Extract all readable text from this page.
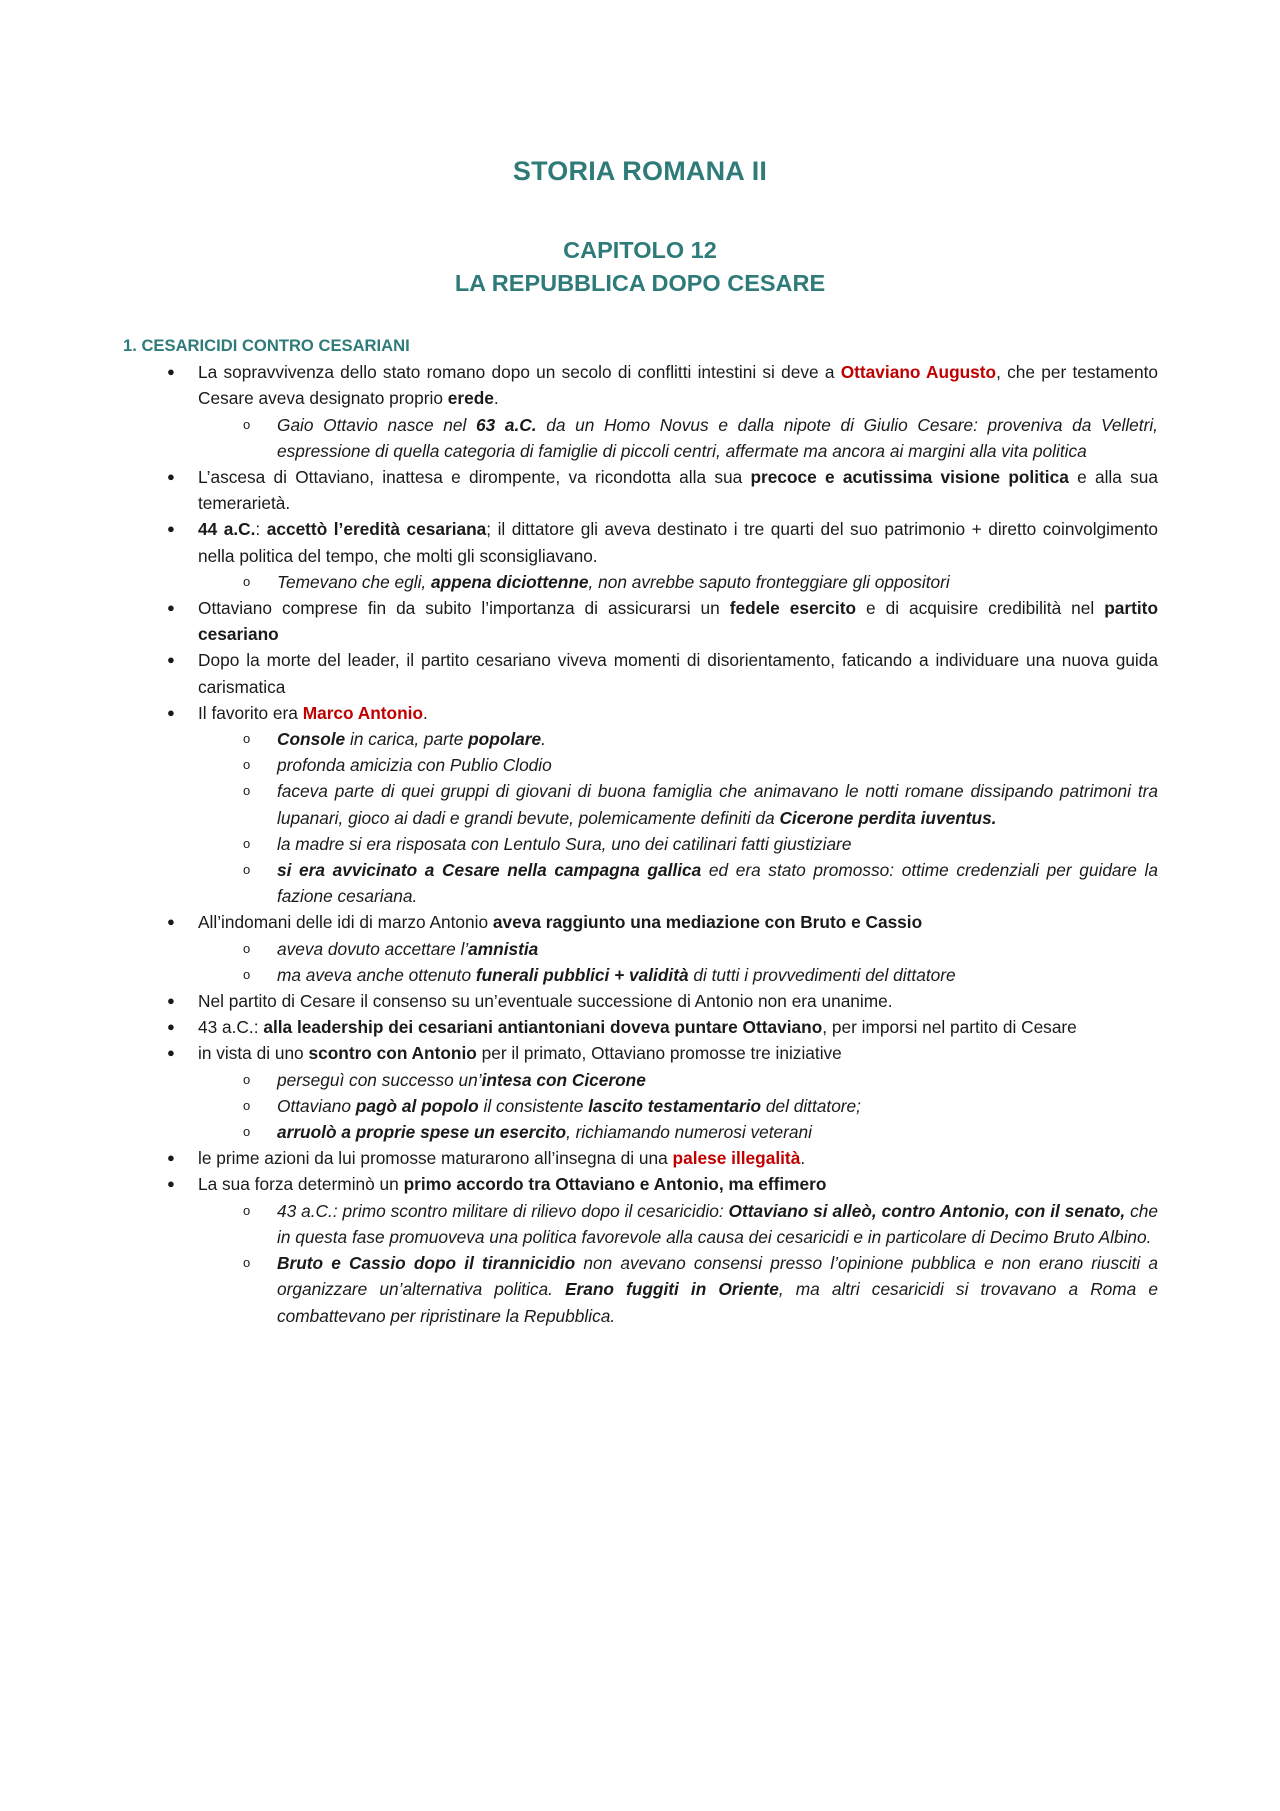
STORIA ROMANA II
CAPITOLO 12
LA REPUBBLICA DOPO CESARE
1. CESARICIDI CONTRO CESARIANI
● La sopravvivenza dello stato romano dopo un secolo di conflitti intestini si deve a Ottaviano Augusto, che per testamento Cesare aveva designato proprio erede.
o Gaio Ottavio nasce nel 63 a.C. da un Homo Novus e dalla nipote di Giulio Cesare: proveniva da Velletri, espressione di quella categoria di famiglie di piccoli centri, affermate ma ancora ai margini alla vita politica
● L’ascesa di Ottaviano, inattesa e dirompente, va ricondotta alla sua precoce e acutissima visione politica e alla sua temerarietà.
● 44 a.C.: accettò l’eredità cesariana; il dittatore gli aveva destinato i tre quarti del suo patrimonio + diretto coinvolgimento nella politica del tempo, che molti gli sconsigliavano.
o Temevano che egli, appena diciottenne, non avrebbe saputo fronteggiare gli oppositori
● Ottaviano comprese fin da subito l’importanza di assicurarsi un fedele esercito e di acquisire credibilità nel partito cesariano
● Dopo la morte del leader, il partito cesariano viveva momenti di disorientamento, faticando a individuare una nuova guida carismatica
● Il favorito era Marco Antonio.
o Console in carica, parte popolare.
o profonda amicizia con Publio Clodio
o faceva parte di quei gruppi di giovani di buona famiglia che animavano le notti romane dissipando patrimoni tra lupanari, gioco ai dadi e grandi bevute, polemicamente definiti da Cicerone perdita iuventus.
o la madre si era risposata con Lentulo Sura, uno dei catilinari fatti giustiziare
o si era avvicinato a Cesare nella campagna gallica ed era stato promosso: ottime credenziali per guidare la fazione cesariana.
● All’indomani delle idi di marzo Antonio aveva raggiunto una mediazione con Bruto e Cassio
o aveva dovuto accettare l’amnistia
o ma aveva anche ottenuto funerali pubblici + validità di tutti i provvedimenti del dittatore
● Nel partito di Cesare il consenso su un’eventuale successione di Antonio non era unanime.
● 43 a.C.: alla leadership dei cesariani antiantoniani doveva puntare Ottaviano, per imporsi nel partito di Cesare
● in vista di uno scontro con Antonio per il primato, Ottaviano promosse tre iniziative
o perseguì con successo un’intesa con Cicerone
o Ottaviano pagò al popolo il consistente lascito testamentario del dittatore;
o arruolò a proprie spese un esercito, richiamando numerosi veterani
● le prime azioni da lui promosse maturarono all’insegna di una palese illegalità.
● La sua forza determinò un primo accordo tra Ottaviano e Antonio, ma effimero
o 43 a.C.: primo scontro militare di rilievo dopo il cesaricidio: Ottaviano si alleò, contro Antonio, con il senato, che in questa fase promuoveva una politica favorevole alla causa dei cesaricidi e in particolare di Decimo Bruto Albino.
o Bruto e Cassio dopo il tirannicidio non avevano consensi presso l’opinione pubblica e non erano riusciti a organizzare un’alternativa politica. Erano fuggiti in Oriente, ma altri cesaricidi si trovavano a Roma e combattevano per ripristinare la Repubblica.
